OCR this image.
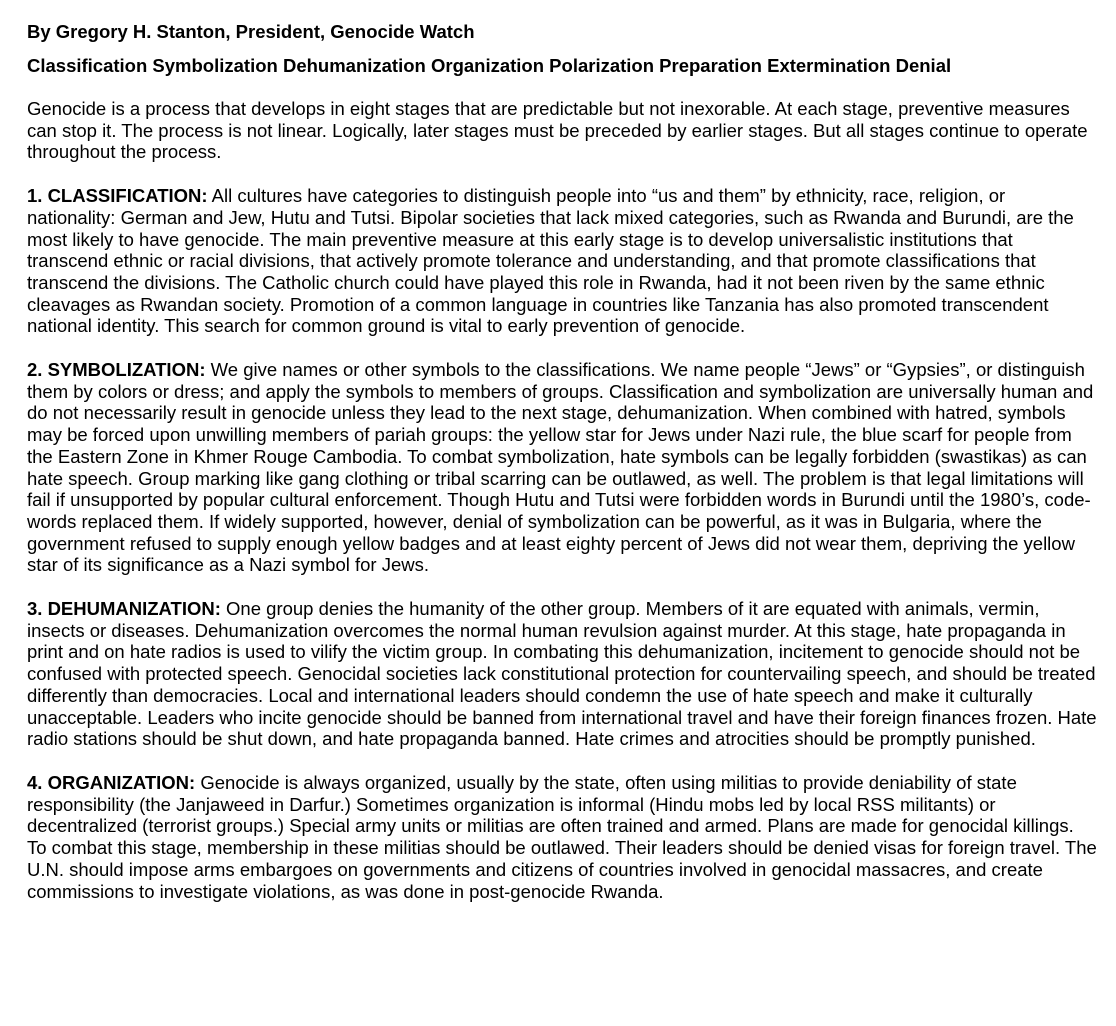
By Gregory H. Stanton, President, Genocide Watch

Classification Symbolization Dehumanization Organization Polarization Preparation Extermination Denial

Genocide is a process that develops in eight stages that are predictable but not inexorable. At each stage, preventive measures can stop it. The process is not linear. Logically, later stages must be preceded by earlier stages. But all stages continue to operate throughout the process.

1. CLASSIFICATION: All cultures have categories to distinguish people into “us and them” by ethnicity, race, religion, or nationality: German and Jew, Hutu and Tutsi. Bipolar societies that lack mixed categories, such as Rwanda and Burundi, are the most likely to have genocide. The main preventive measure at this early stage is to develop universalistic institutions that transcend ethnic or racial divisions, that actively promote tolerance and understanding, and that promote classifications that transcend the divisions. The Catholic church could have played this role in Rwanda, had it not been riven by the same ethnic cleavages as Rwandan society. Promotion of a common language in countries like Tanzania has also promoted transcendent national identity. This search for common ground is vital to early prevention of genocide.

2. SYMBOLIZATION: We give names or other symbols to the classifications. We name people “Jews” or “Gypsies”, or distinguish them by colors or dress; and apply the symbols to members of groups. Classification and symbolization are universally human and do not necessarily result in genocide unless they lead to the next stage, dehumanization. When combined with hatred, symbols may be forced upon unwilling members of pariah groups: the yellow star for Jews under Nazi rule, the blue scarf for people from the Eastern Zone in Khmer Rouge Cambodia. To combat symbolization, hate symbols can be legally forbidden (swastikas) as can hate speech. Group marking like gang clothing or tribal scarring can be outlawed, as well. The problem is that legal limitations will fail if unsupported by popular cultural enforcement. Though Hutu and Tutsi were forbidden words in Burundi until the 1980’s, code-words replaced them. If widely supported, however, denial of symbolization can be powerful, as it was in Bulgaria, where the government refused to supply enough yellow badges and at least eighty percent of Jews did not wear them, depriving the yellow star of its significance as a Nazi symbol for Jews.

3. DEHUMANIZATION: One group denies the humanity of the other group. Members of it are equated with animals, vermin, insects or diseases. Dehumanization overcomes the normal human revulsion against murder. At this stage, hate propaganda in print and on hate radios is used to vilify the victim group. In combating this dehumanization, incitement to genocide should not be confused with protected speech. Genocidal societies lack constitutional protection for countervailing speech, and should be treated differently than democracies. Local and international leaders should condemn the use of hate speech and make it culturally unacceptable. Leaders who incite genocide should be banned from international travel and have their foreign finances frozen. Hate radio stations should be shut down, and hate propaganda banned. Hate crimes and atrocities should be promptly punished.

4. ORGANIZATION: Genocide is always organized, usually by the state, often using militias to provide deniability of state responsibility (the Janjaweed in Darfur.) Sometimes organization is informal (Hindu mobs led by local RSS militants) or decentralized (terrorist groups.) Special army units or militias are often trained and armed. Plans are made for genocidal killings. To combat this stage, membership in these militias should be outlawed. Their leaders should be denied visas for foreign travel. The U.N. should impose arms embargoes on governments and citizens of countries involved in genocidal massacres, and create commissions to investigate violations, as was done in post-genocide Rwanda.
